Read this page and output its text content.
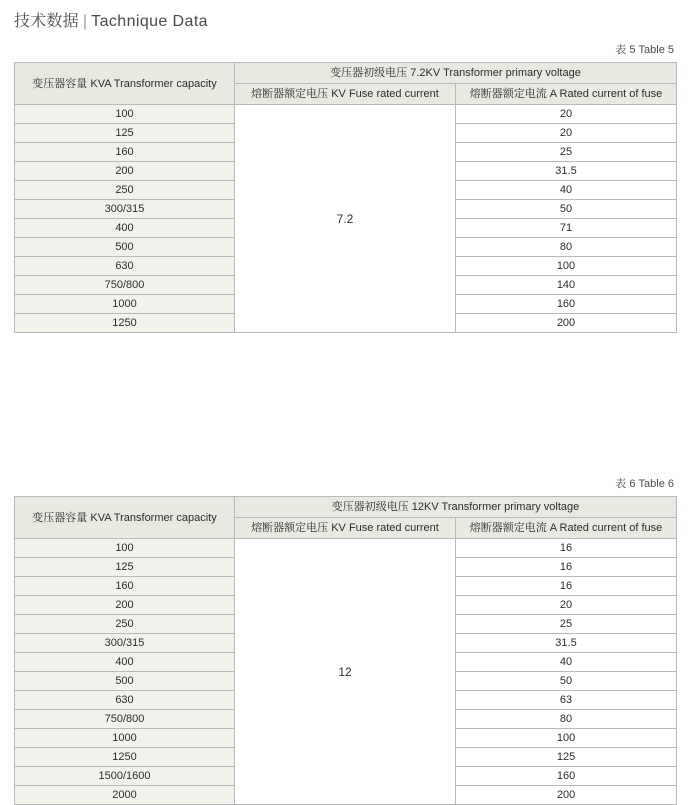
技术数据 | Tachnique Data
表 5 Table 5
变压器容量 KVA Transformer capacity	变压器初级电压 7.2KV Transformer primary voltage	
	熔断器额定电压 KV Fuse rated current	熔断器额定电流 A Rated current of fuse
100	7.2	20
125		20
160		25
200		31.5
250		40
300/315		50
400		71
500		80
630		100
750/800		140
1000		160
1250		200
表 6 Table 6
变压器容量 KVA Transformer capacity	变压器初级电压 12KV Transformer primary voltage	
	熔断器额定电压 KV Fuse rated current	熔断器额定电流 A Rated current of fuse
100	12	16
125		16
160		16
200		20
250		25
300/315		31.5
400		40
500		50
630		63
750/800		80
1000		100
1250		125
1500/1600		160
2000		200
